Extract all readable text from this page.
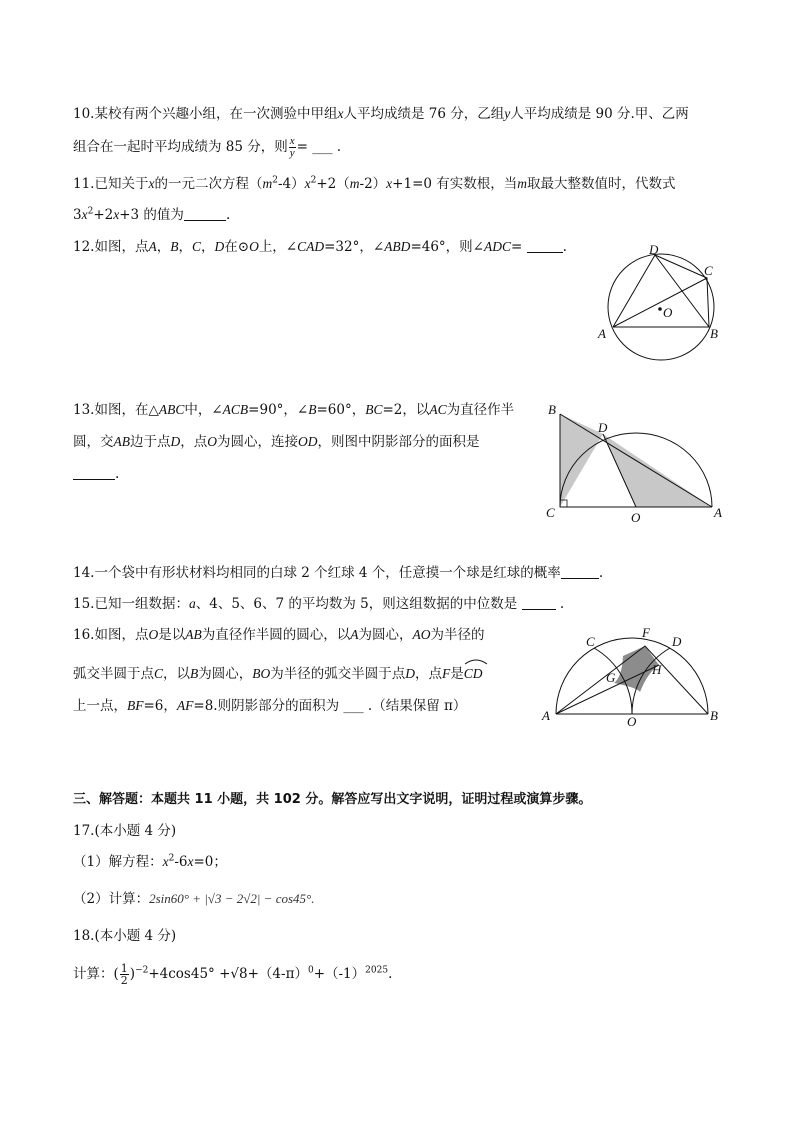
10.某校有两个兴趣小组，在一次测验中甲组x人平均成绩是 76 分，乙组y人平均成绩是 90 分.甲、乙两
组合在一起时平均成绩为 85 分，则 $\frac{x}{y}$ = ___ .
11.已知关于x的一元二次方程$(m^2-4)x^2+2(m-2)x+1=0$ 有实数根，当m取最大整数值时，代数式
$3x^2+2x+3$ 的值为	.
12.如图，点A，B，C，D在⊙O上，∠CAD=32°，∠ABD=46°，则∠ADC=	.	D
C
O
A	B
13.如图，在△ABC中，∠ACB=90°，∠B=60°，BC=2，以AC为直径作半
圆，交AB边于点D，点O为圆心，连接OD，则图中阴影部分的面积是
.
B
D
C	O	A
14.一个袋中有形状材料均相同的白球 2 个红球 4 个，任意摸一个球是红球的概率	.
15.已知一组数据：a、4、5、6、7 的平均数为 5，则这组数据的中位数是	.
16.如图，点O是以AB为直径作半圆的圆心，以A为圆心，AO为半径的
弧交半圆于点C，以B为圆心，BO为半径的弧交半圆于点D，点F是
CD
上一点，BF=6，AF=8.则阴影部分的面积为 ___ .（结果保留 π）
C
F
D
G
H
A	O	B
三、解答题：本题共 11 小题，共 102 分。解答应写出文字说明，证明过程或演算步骤。
17.(本小题 4 分)
（1）解方程：$x^2-6x=0$；
（2）计算：2sin60° + |√3 − 2√2| − cos45°.
18.(本小题 4 分)
计算：( $\frac{1}{2} )^{-2}+4\cos 45^\circ +√8+(4-\pi)^0+(-1)^{2025}$.
